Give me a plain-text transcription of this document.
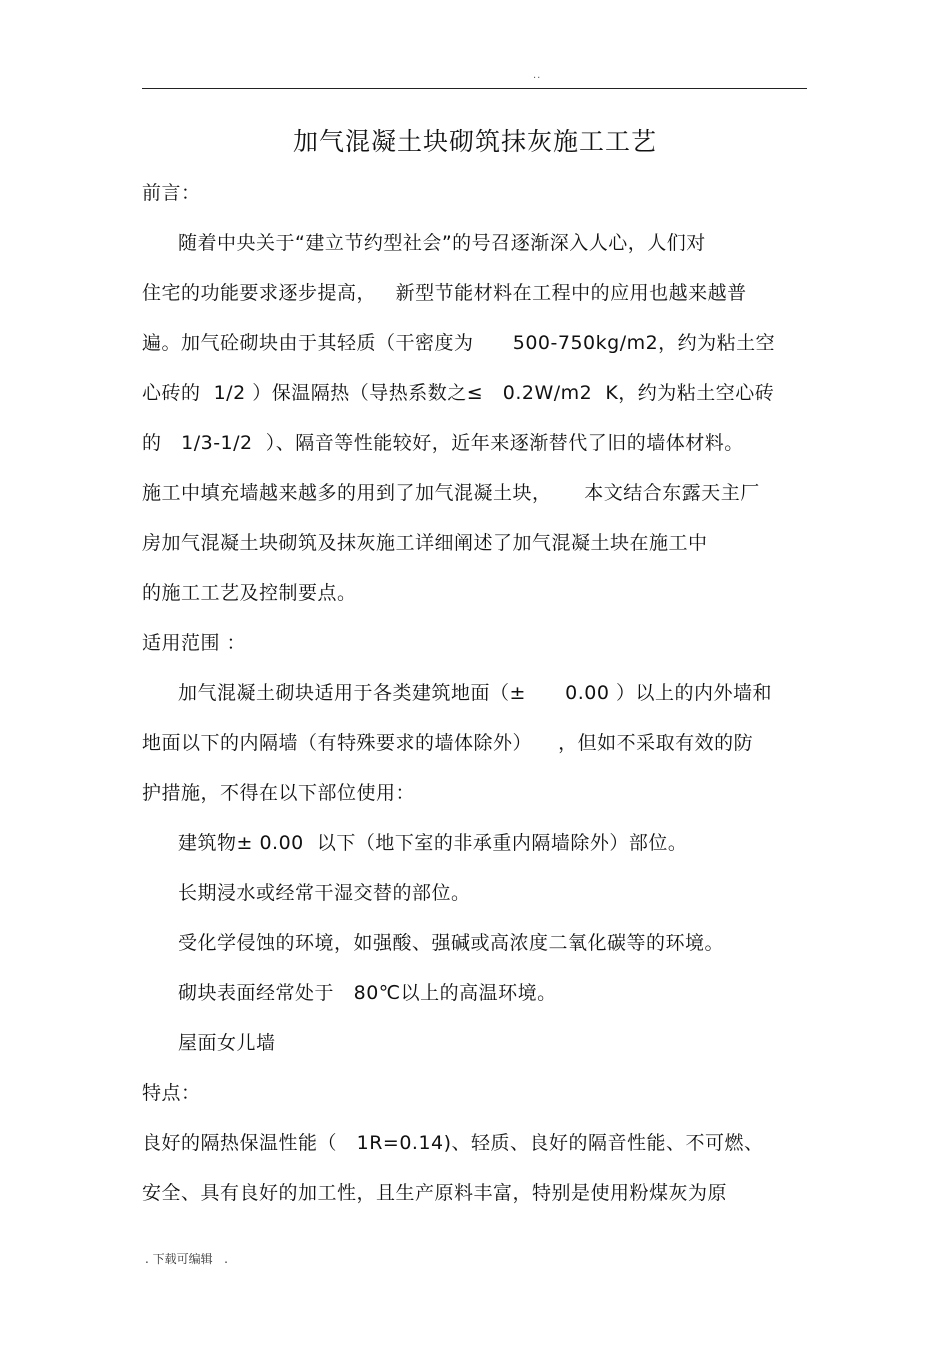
..
加气混凝土块砌筑抹灰施工工艺
前言：
随着中央关于“建立节约型社会”的号召逐渐深入人心，人们对
住宅的功能要求逐步提高，   新型节能材料在工程中的应用也越来越普
遍。加气砼砌块由于其轻质（干密度为      500-750kg/m2，约为粘土空
心砖的  1/2 ）保温隔热（导热系数之≤   0.2W/m2  K，约为粘土空心砖
的   1/3-1/2  ）、隔音等性能较好，近年来逐渐替代了旧的墙体材料。
施工中填充墙越来越多的用到了加气混凝土块，     本文结合东露天主厂
房加气混凝土块砌筑及抹灰施工详细阐述了加气混凝土块在施工中
的施工工艺及控制要点。
适用范围 ：
加气混凝土砌块适用于各类建筑地面（±      0.00 ）以上的内外墙和
地面以下的内隔墙（有特殊要求的墙体除外）    ，但如不采取有效的防
护措施，不得在以下部位使用：
建筑物± 0.00  以下（地下室的非承重内隔墙除外）部位。
长期浸水或经常干湿交替的部位。
受化学侵蚀的环境，如强酸、强碱或高浓度二氧化碳等的环境。
砌块表面经常处于   80℃以上的高温环境。
屋面女儿墙
特点：
良好的隔热保温性能（   1R=0.14)、轻质、良好的隔音性能、不可燃、
安全、具有良好的加工性，且生产原料丰富，特别是使用粉煤灰为原
. 下载可编辑   .
